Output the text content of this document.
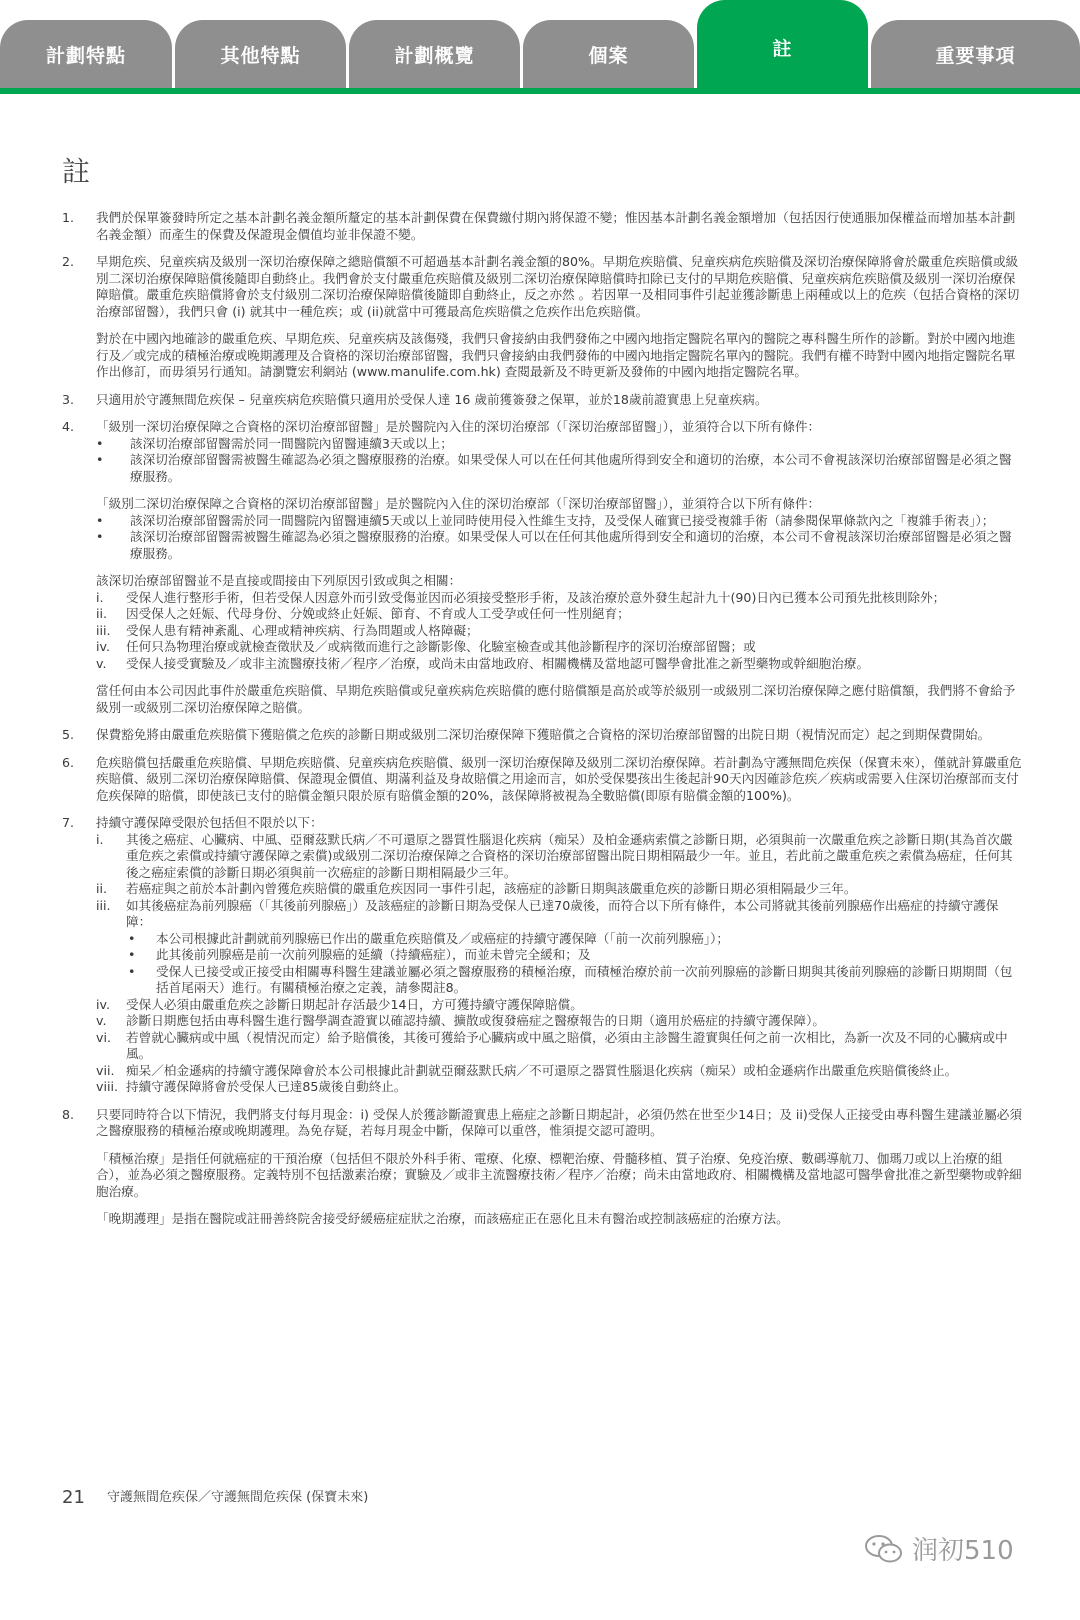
計劃特點	其他特點	計劃概覽	個案	註	重要事項
註
1. 我們於保單簽發時所定之基本計劃名義金額所釐定的基本計劃保費在保費繳付期內將保證不變；惟因基本計劃名義金額增加（包括因行使通脹加保權益而增加基本計劃名義金額）而產生的保費及保證現金價值均並非保證不變。
2. 早期危疾、兒童疾病及級別一深切治療保障之總賠償額不可超過基本計劃名義金額的80%。早期危疾賠償、兒童疾病危疾賠償及深切治療保障將會於嚴重危疾賠償或級別二深切治療保障賠償後隨即自動終止。我們會於支付嚴重危疾賠償及級別二深切治療保障賠償時扣除已支付的早期危疾賠償、兒童疾病危疾賠償及級別一深切治療保障賠償。嚴重危疾賠償將會於支付級別二深切治療保障賠償後隨即自動終止，反之亦然 。若因單一及相同事件引起並獲診斷患上兩種或以上的危疾（包括合資格的深切治療部留醫），我們只會 (i) 就其中一種危疾；或 (ii)就當中可獲最高危疾賠償之危疾作出危疾賠償。
對於在中國內地確診的嚴重危疾、早期危疾、兒童疾病及該傷殘，我們只會接納由我們發佈之中國內地指定醫院名單內的醫院之專科醫生所作的診斷。對於中國內地進行及／或完成的積極治療或晚期護理及合資格的深切治療部留醫，我們只會接納由我們發佈的中國內地指定醫院名單內的醫院。我們有權不時對中國內地指定醫院名單作出修訂，而毋須另行通知。請瀏覽宏利網站 (www.manulife.com.hk) 查閱最新及不時更新及發佈的中國內地指定醫院名單。
3. 只適用於守護無間危疾保 – 兒童疾病危疾賠償只適用於受保人達 16 歲前獲簽發之保單，並於18歲前證實患上兒童疾病。
4. 「級別一深切治療保障之合資格的深切治療部留醫」是於醫院內入住的深切治療部（「深切治療部留醫」），並須符合以下所有條件：
• 該深切治療部留醫需於同一間醫院內留醫連續3天或以上；
• 該深切治療部留醫需被醫生確認為必須之醫療服務的治療。如果受保人可以在任何其他處所得到安全和適切的治療，本公司不會視該深切治療部留醫是必須之醫療服務。
「級別二深切治療保障之合資格的深切治療部留醫」是於醫院內入住的深切治療部（「深切治療部留醫」），並須符合以下所有條件：
• 該深切治療部留醫需於同一間醫院內留醫連續5天或以上並同時使用侵入性維生支持，及受保人確實已接受複雜手術（請參閱保單條款內之「複雜手術表」）；
• 該深切治療部留醫需被醫生確認為必須之醫療服務的治療。如果受保人可以在任何其他處所得到安全和適切的治療，本公司不會視該深切治療部留醫是必須之醫療服務。
該深切治療部留醫並不是直接或間接由下列原因引致或與之相關：
i. 受保人進行整形手術，但若受保人因意外而引致受傷並因而必須接受整形手術，及該治療於意外發生起計九十(90)日內已獲本公司預先批核則除外；
ii. 因受保人之妊娠、代母身份、分娩或終止妊娠、節育、不育或人工受孕或任何一性別絕育；
iii. 受保人患有精神紊亂、心理或精神疾病、行為問題或人格障礙；
iv. 任何只為物理治療或就檢查徵狀及／或病徵而進行之診斷影像、化驗室檢查或其他診斷程序的深切治療部留醫；或
v. 受保人接受實驗及／或非主流醫療技術／程序／治療，或尚未由當地政府、相關機構及當地認可醫學會批准之新型藥物或幹細胞治療。
當任何由本公司因此事件於嚴重危疾賠償、早期危疾賠償或兒童疾病危疾賠償的應付賠償額是高於或等於級別一或級別二深切治療保障之應付賠償額，我們將不會給予級別一或級別二深切治療保障之賠償。
5. 保費豁免將由嚴重危疾賠償下獲賠償之危疾的診斷日期或級別二深切治療保障下獲賠償之合資格的深切治療部留醫的出院日期（視情況而定）起之到期保費開始。
6. 危疾賠償包括嚴重危疾賠償、早期危疾賠償、兒童疾病危疾賠償、級別一深切治療保障及級別二深切治療保障。若計劃為守護無間危疾保（保寶未來），僅就計算嚴重危疾賠償、級別二深切治療保障賠償、保證現金價值、期滿利益及身故賠償之用途而言，如於受保嬰孩出生後起計90天內因確診危疾／疾病或需要入住深切治療部而支付危疾保障的賠償，即使該已支付的賠償金額只限於原有賠償金額的20%，該保障將被視為全數賠償(即原有賠償金額的100%)。
7. 持續守護保障受限於包括但不限於以下：
i. 其後之癌症、心臟病、中風、亞爾茲默氏病／不可還原之器質性腦退化疾病（痴呆）及柏金遜病索償之診斷日期，必須與前一次嚴重危疾之診斷日期(其為首次嚴重危疾之索償或持續守護保障之索償)或級別二深切治療保障之合資格的深切治療部留醫出院日期相隔最少一年。並且，若此前之嚴重危疾之索償為癌症，任何其後之癌症索償的診斷日期必須與前一次癌症的診斷日期相隔最少三年。
ii. 若癌症與之前於本計劃內曾獲危疾賠償的嚴重危疾因同一事件引起，該癌症的診斷日期與該嚴重危疾的診斷日期必須相隔最少三年。
iii. 如其後癌症為前列腺癌（「其後前列腺癌」）及該癌症的診斷日期為受保人已達70歲後，而符合以下所有條件，本公司將就其後前列腺癌作出癌症的持續守護保障：
• 本公司根據此計劃就前列腺癌已作出的嚴重危疾賠償及／或癌症的持續守護保障（「前一次前列腺癌」）；
• 此其後前列腺癌是前一次前列腺癌的延續（持續癌症），而並未曾完全緩和；及
• 受保人已接受或正接受由相關專科醫生建議並屬必須之醫療服務的積極治療，而積極治療於前一次前列腺癌的診斷日期與其後前列腺癌的診斷日期期間（包括首尾兩天）進行。有關積極治療之定義，請參閱註8。
iv. 受保人必須由嚴重危疾之診斷日期起計存活最少14日，方可獲持續守護保障賠償。
v. 診斷日期應包括由專科醫生進行醫學調查證實以確認持續、擴散或復發癌症之醫療報告的日期（適用於癌症的持續守護保障）。
vi. 若曾就心臟病或中風（視情況而定）給予賠償後，其後可獲給予心臟病或中風之賠償，必須由主診醫生證實與任何之前一次相比，為新一次及不同的心臟病或中風。
vii. 痴呆／柏金遜病的持續守護保障會於本公司根據此計劃就亞爾茲默氏病／不可還原之器質性腦退化疾病（痴呆）或柏金遜病作出嚴重危疾賠償後終止。
viii. 持續守護保障將會於受保人已達85歲後自動終止。
8. 只要同時符合以下情況，我們將支付每月現金：i) 受保人於獲診斷證實患上癌症之診斷日期起計，必須仍然在世至少14日；及 ii)受保人正接受由專科醫生建議並屬必須之醫療服務的積極治療或晚期護理。為免存疑，若每月現金中斷，保障可以重啓，惟須提交認可證明。
「積極治療」是指任何就癌症的干預治療（包括但不限於外科手術、電療、化療、標靶治療、骨髓移植、質子治療、免疫治療、數碼導航刀、伽瑪刀或以上治療的組合），並為必須之醫療服務。定義特別不包括激素治療；實驗及／或非主流醫療技術／程序／治療；尚未由當地政府、相關機構及當地認可醫學會批准之新型藥物或幹細胞治療。
「晚期護理」是指在醫院或註冊善終院舍接受紓緩癌症症狀之治療，而該癌症正在惡化且未有醫治或控制該癌症的治療方法。
21 守護無間危疾保／守護無間危疾保 (保寶未來)
润初510
